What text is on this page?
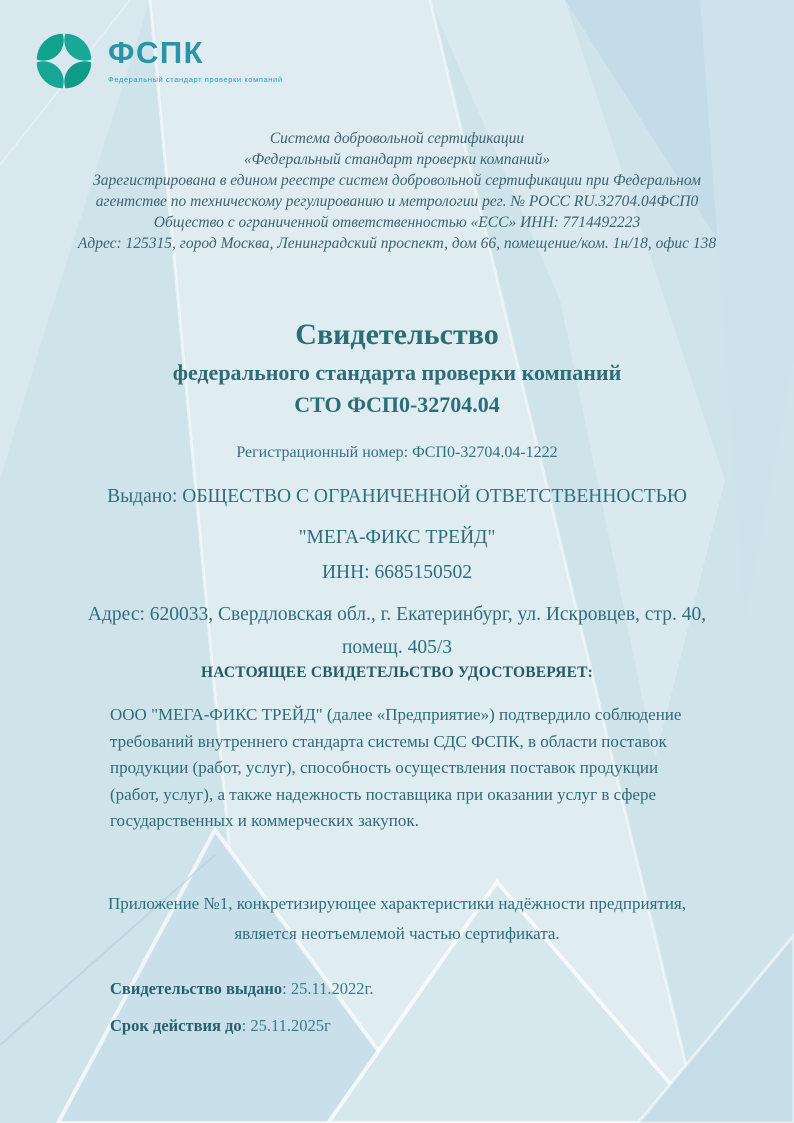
ФСПК
Федеральный стандарт проверки компаний
Система добровольной сертификации
«Федеральный стандарт проверки компаний»
Зарегистрирована в едином реестре систем добровольной сертификации при Федеральном
агентстве по техническому регулированию и метрологии рег. № РОСС RU.32704.04ФСП0
Общество с ограниченной ответственностью «ЕСС» ИНН: 7714492223
Адрес: 125315, город Москва, Ленинградский проспект, дом 66, помещение/ком. 1н/18, офис 138
Свидетельство
федерального стандарта проверки компаний
СТО ФСП0-32704.04
Регистрационный номер: ФСП0-32704.04-1222
Выдано: ОБЩЕСТВО С ОГРАНИЧЕННОЙ ОТВЕТСТВЕННОСТЬЮ
"МЕГА-ФИКС ТРЕЙД"
ИНН: 6685150502
Адрес: 620033, Свердловская обл., г. Екатеринбург, ул. Искровцев, стр. 40, помещ. 405/3
НАСТОЯЩЕЕ СВИДЕТЕЛЬСТВО УДОСТОВЕРЯЕТ:
ООО "МЕГА-ФИКС ТРЕЙД" (далее «Предприятие») подтвердило соблюдение требований внутреннего стандарта системы СДС ФСПК, в области поставок продукции (работ, услуг), способность осуществления поставок продукции (работ, услуг), а также надежность поставщика при оказании услуг в сфере государственных и коммерческих закупок.
Приложение №1, конкретизирующее характеристики надёжности предприятия, является неотъемлемой частью сертификата.
Свидетельство выдано: 25.11.2022г.
Срок действия до: 25.11.2025г
